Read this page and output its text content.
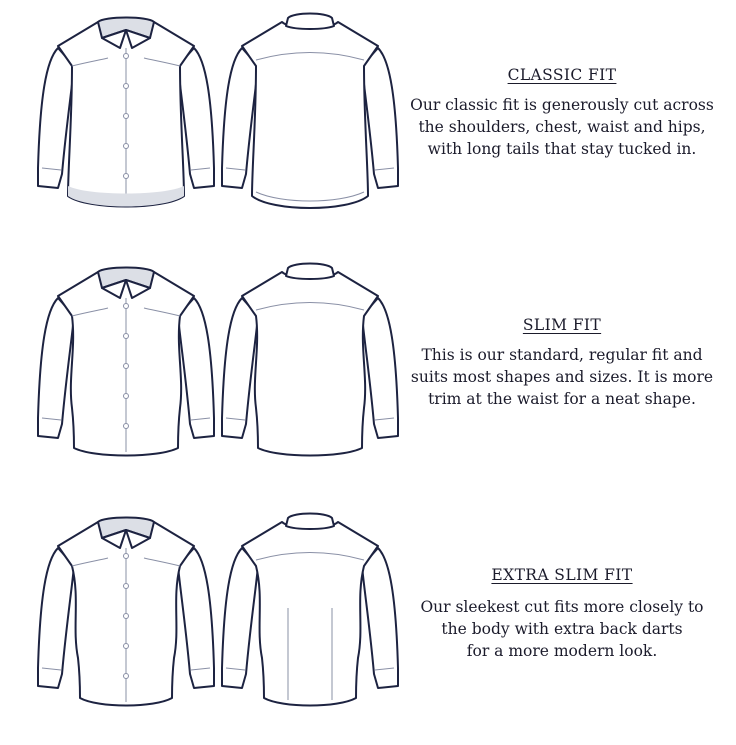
CLASSIC FIT

Our classic fit is generously cut across
the shoulders, chest, waist and hips,
with long tails that stay tucked in.

SLIM FIT

This is our standard, regular fit and
suits most shapes and sizes. It is more
trim at the waist for a neat shape.

EXTRA SLIM FIT

Our sleekest cut fits more closely to
the body with extra back darts
for a more modern look.
